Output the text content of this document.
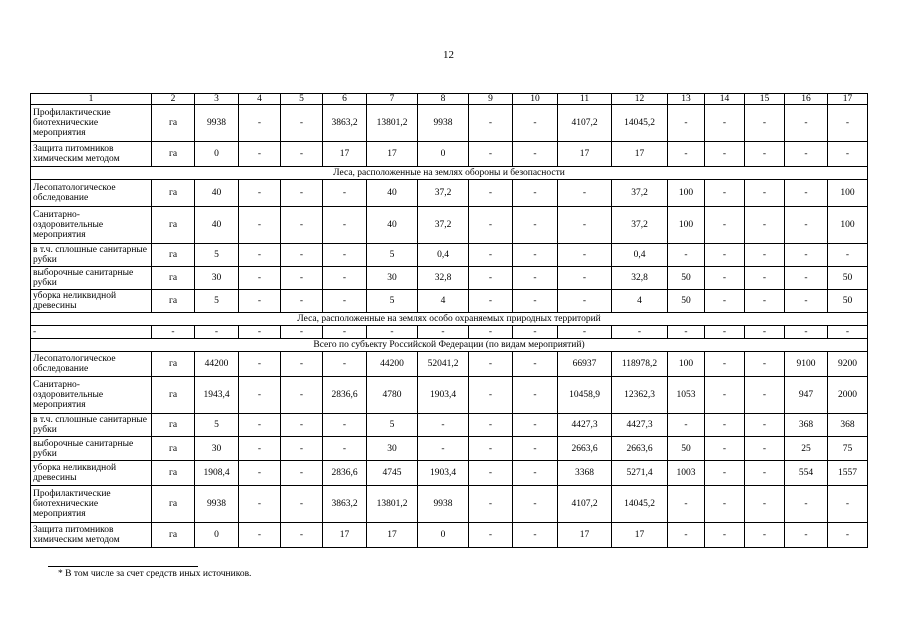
12
1	2	3	4	5	6	7	8	9	10	11	12	13	14	15	16	17
Профилактические биотехнические мероприятия	га	9938	-	-	3863,2	13801,2	9938	-	-	4107,2	14045,2	-	-	-	-	-
Защита питомников химическим методом	га	0	-	-	17	17	0	-	-	17	17	-	-	-	-	-
Леса, расположенные на землях обороны и безопасности																
Лесопатологическое обследование	га	40	-	-	-	40	37,2	-	-	-	37,2	100	-	-	-	100
Санитарно-оздоровительные мероприятия	га	40	-	-	-	40	37,2	-	-	-	37,2	100	-	-	-	100
в т.ч. сплошные санитарные рубки	га	5	-	-	-	5	0,4	-	-	-	0,4	-	-	-	-	-
выборочные санитарные рубки	га	30	-	-	-	30	32,8	-	-	-	32,8	50	-	-	-	50
уборка неликвидной древесины	га	5	-	-	-	5	4	-	-	-	4	50	-	-	-	50
Леса, расположенные на землях особо охраняемых природных территорий																
-	-	-	-	-	-	-	-	-	-	-	-	-	-	-	-	-
Всего по субъекту Российской Федерации (по видам мероприятий)																
Лесопатологическое обследование	га	44200	-	-	-	44200	52041,2	-	-	66937	118978,2	100	-	-	9100	9200
Санитарно-оздоровительные мероприятия	га	1943,4	-	-	2836,6	4780	1903,4	-	-	10458,9	12362,3	1053	-	-	947	2000
в т.ч. сплошные санитарные рубки	га	5	-	-	-	5	-	-	-	4427,3	4427,3	-	-	-	368	368
выборочные санитарные рубки	га	30	-	-	-	30	-	-	-	2663,6	2663,6	50	-	-	25	75
уборка неликвидной древесины	га	1908,4	-	-	2836,6	4745	1903,4	-	-	3368	5271,4	1003	-	-	554	1557
Профилактические биотехнические мероприятия	га	9938	-	-	3863,2	13801,2	9938	-	-	4107,2	14045,2	-	-	-	-	-
Защита питомников химическим методом	га	0	-	-	17	17	0	-	-	17	17	-	-	-	-	-
* В том числе за счет средств иных источников.
